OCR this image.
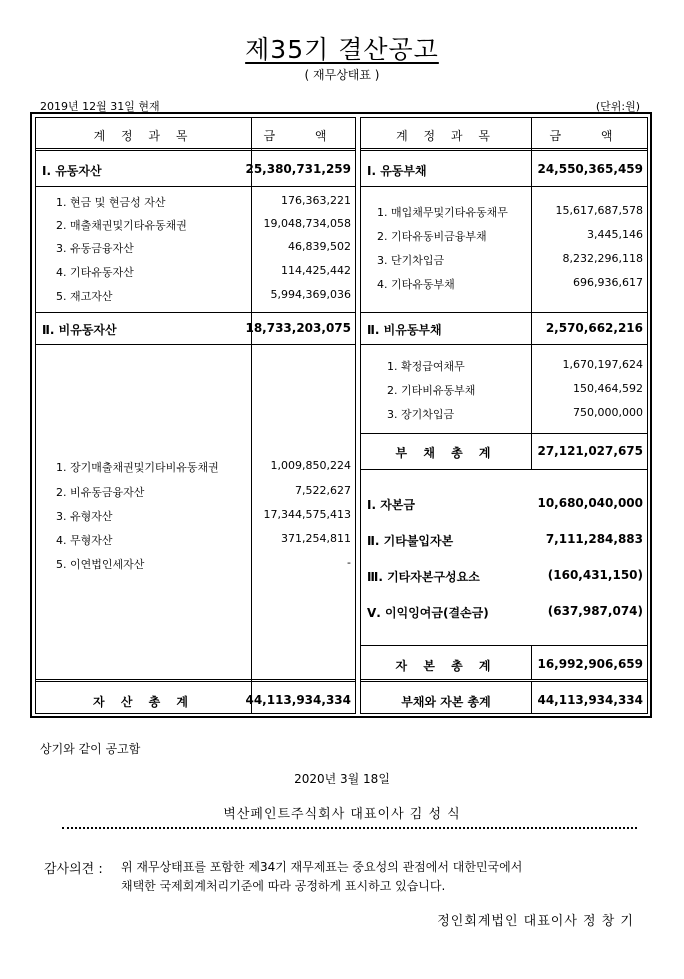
제35기 결산공고
( 재무상태표 )
2019년 12월 31일 현재	(단위:원)
계 정 과 목	금 액
Ⅰ. 유동자산	25,380,731,259
1. 현금 및 현금성 자산	176,363,221
2. 매출채권및기타유동채권	19,048,734,058
3. 유동금융자산	46,839,502
4. 기타유동자산	114,425,442
5. 재고자산	5,994,369,036
Ⅱ. 비유동자산	18,733,203,075
1. 장기매출채권및기타비유동채권	1,009,850,224
2. 비유동금융자산	7,522,627
3. 유형자산	17,344,575,413
4. 무형자산	371,254,811
5. 이연법인세자산	-
자 산 총 계	44,113,934,334
계 정 과 목	금 액
Ⅰ. 유동부채	24,550,365,459
1. 매입채무및기타유동채무	15,617,687,578
2. 기타유동비금융부채	3,445,146
3. 단기차입금	8,232,296,118
4. 기타유동부채	696,936,617
Ⅱ. 비유동부채	2,570,662,216
1. 확정급여채무	1,670,197,624
2. 기타비유동부채	150,464,592
3. 장기차입금	750,000,000
부 채 총 계	27,121,027,675
Ⅰ. 자본금	10,680,040,000
Ⅱ. 기타불입자본	7,111,284,883
Ⅲ. 기타자본구성요소	(160,431,150)
Ⅴ. 이익잉여금(결손금)	(637,987,074)
자 본 총 계	16,992,906,659
부채와 자본 총계	44,113,934,334
상기와 같이 공고함
2020년 3월 18일
벽산페인트주식회사 대표이사 김 성 식
감사의견 : 위 재무상태표를 포함한 제34기 재무제표는 중요성의 관점에서 대한민국에서
채택한 국제회계처리기준에 따라 공정하게 표시하고 있습니다.
정인회계법인 대표이사 정 창 기
